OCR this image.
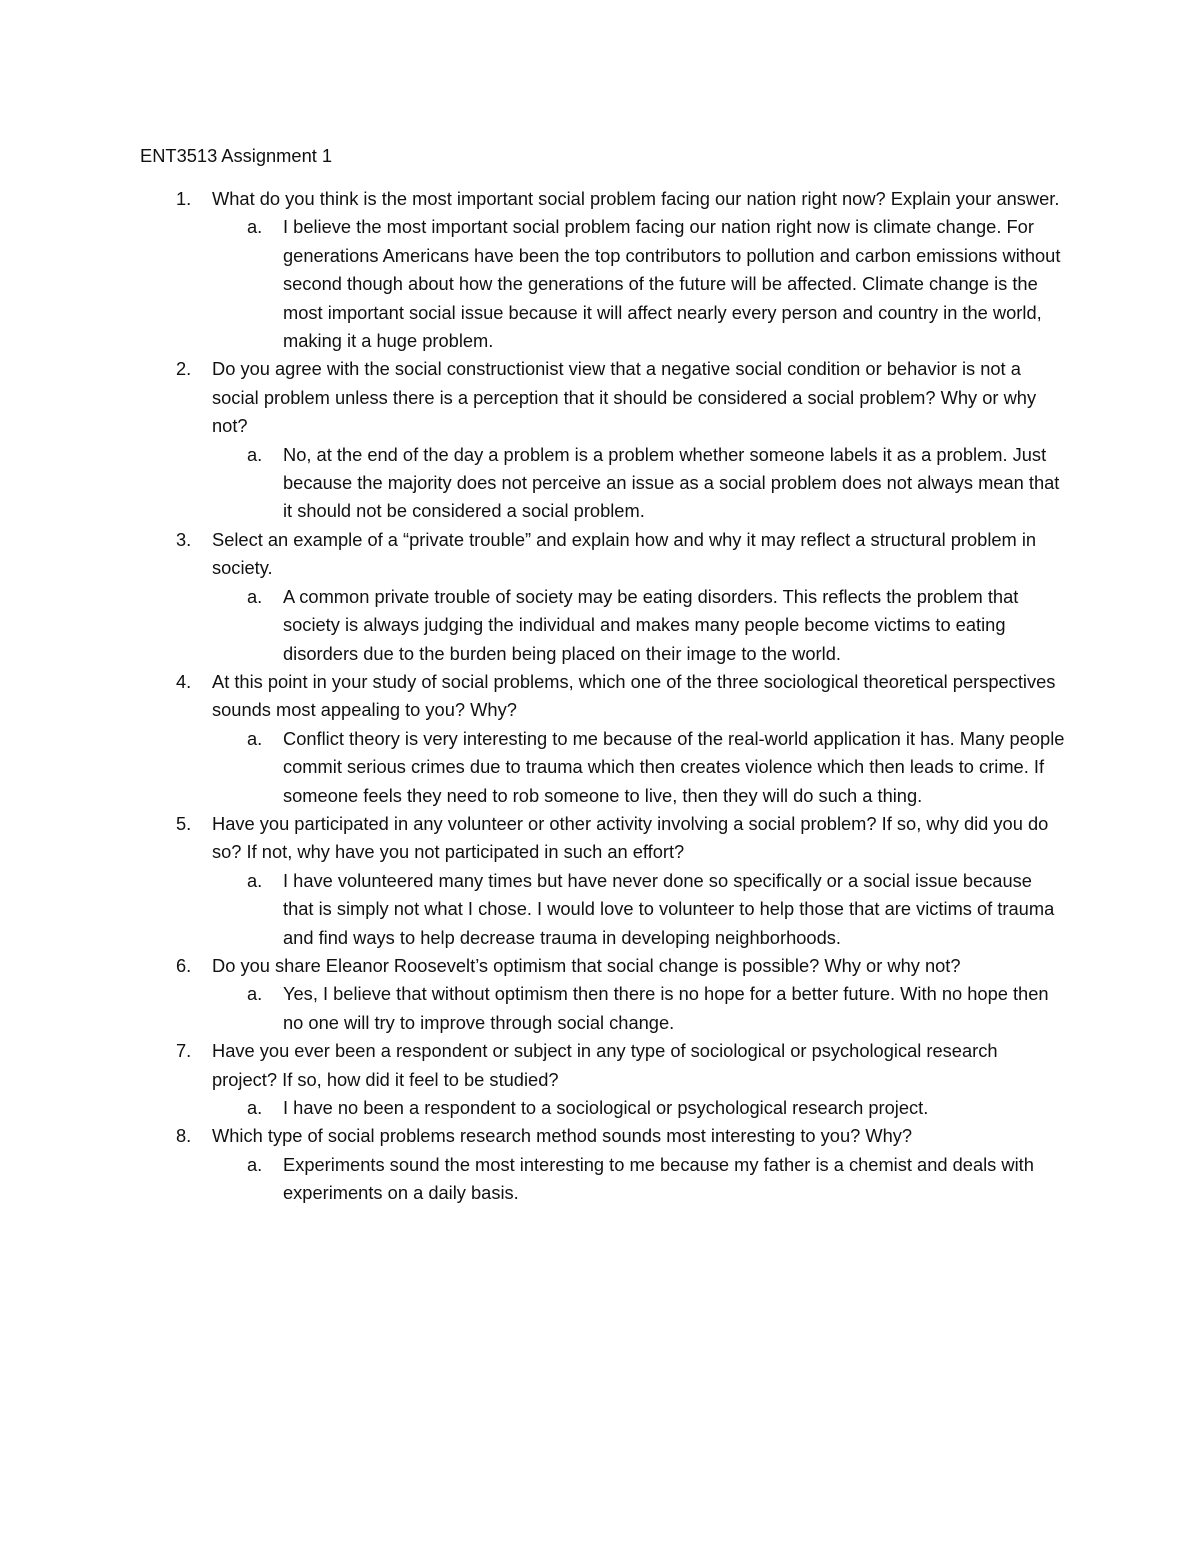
ENT3513 Assignment 1
1.	What do you think is the most important social problem facing our nation right now? Explain your answer.

a. I believe the most important social problem facing our nation right now is climate change. For generations Americans have been the top contributors to pollution and carbon emissions without second though about how the generations of the future will be affected. Climate change is the most important social issue because it will affect nearly every person and country in the world, making it a huge problem.

2.	Do you agree with the social constructionist view that a negative social condition or behavior is not a social problem unless there is a perception that it should be considered a social problem? Why or why not?

a. No, at the end of the day a problem is a problem whether someone labels it as a problem. Just because the majority does not perceive an issue as a social problem does not always mean that it should not be considered a social problem.

3.	Select an example of a “private trouble” and explain how and why it may reflect a structural problem in society.

a. A common private trouble of society may be eating disorders. This reflects the problem that society is always judging the individual and makes many people become victims to eating disorders due to the burden being placed on their image to the world.

4.	At this point in your study of social problems, which one of the three sociological theoretical perspectives sounds most appealing to you? Why?

a. Conflict theory is very interesting to me because of the real-world application it has. Many people commit serious crimes due to trauma which then creates violence which then leads to crime. If someone feels they need to rob someone to live, then they will do such a thing.

5.	Have you participated in any volunteer or other activity involving a social problem? If so, why did you do so? If not, why have you not participated in such an effort?

a. I have volunteered many times but have never done so specifically or a social issue because that is simply not what I chose. I would love to volunteer to help those that are victims of trauma and find ways to help decrease trauma in developing neighborhoods.

6.	Do you share Eleanor Roosevelt’s optimism that social change is possible? Why or why not?

a. Yes, I believe that without optimism then there is no hope for a better future. With no hope then no one will try to improve through social change.

7.	Have you ever been a respondent or subject in any type of sociological or psychological research project? If so, how did it feel to be studied?

a. I have no been a respondent to a sociological or psychological research project.

8.	Which type of social problems research method sounds most interesting to you? Why?

a. Experiments sound the most interesting to me because my father is a chemist and deals with experiments on a daily basis.
